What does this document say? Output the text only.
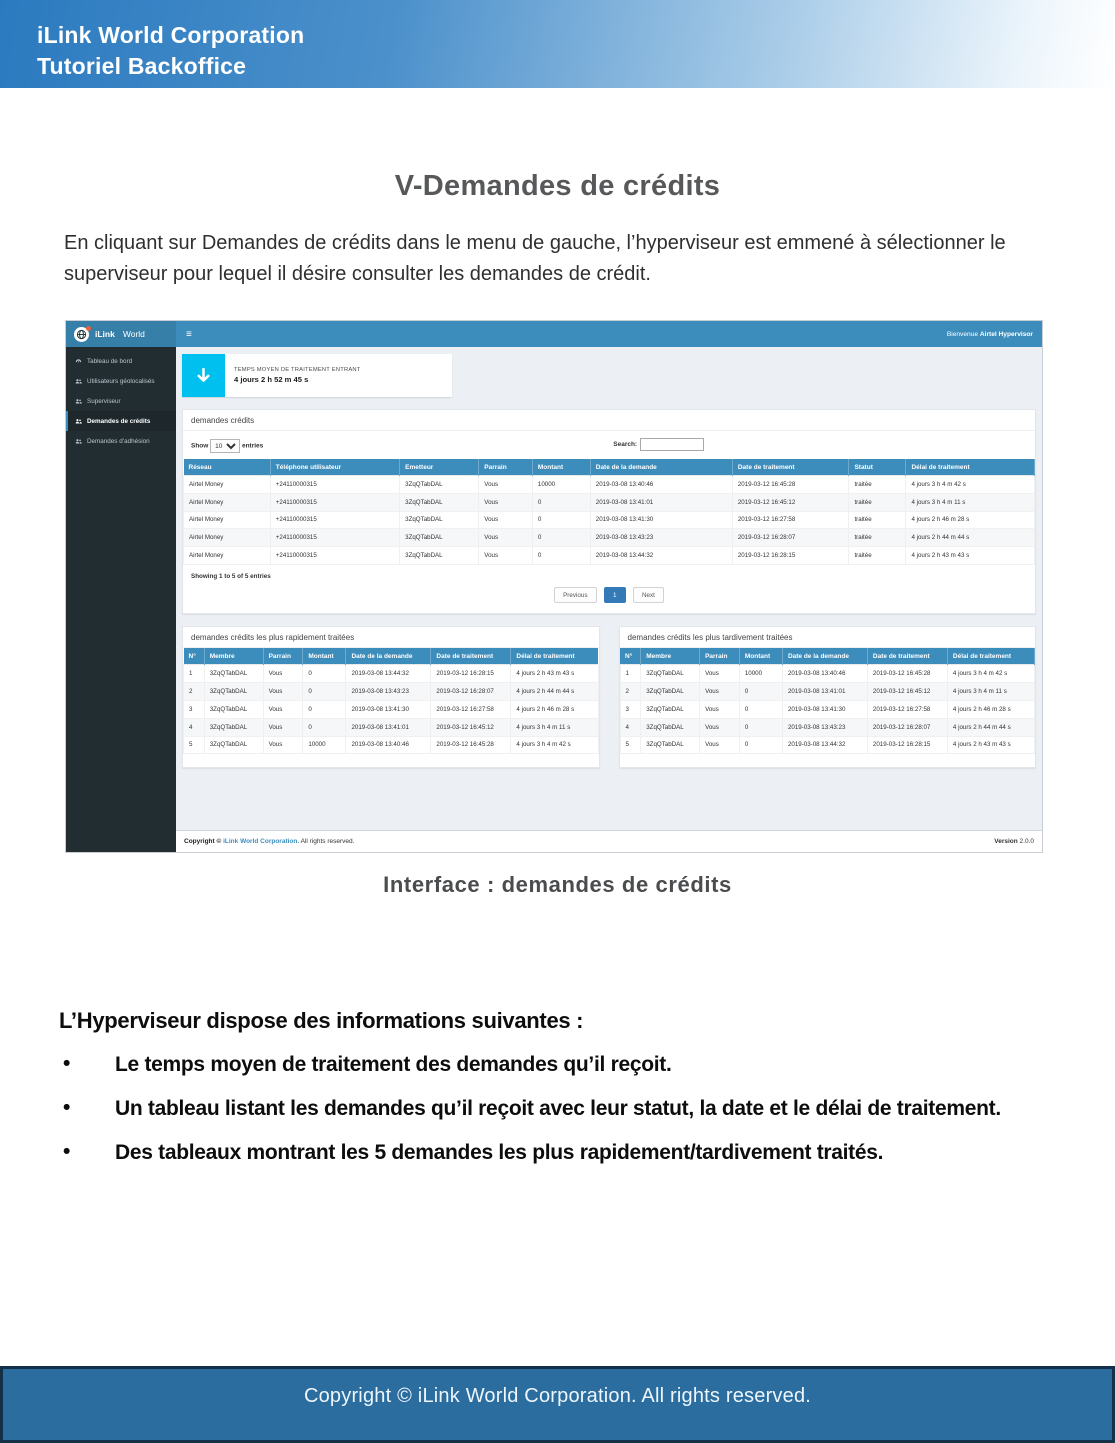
iLink World Corporation
Tutoriel Backoffice
V-Demandes de crédits

En cliquant sur Demandes de crédits dans le menu de gauche, l’hyperviseur est emmené à sélectionner le superviseur pour lequel il désire consulter les demandes de crédit.

iLink World	≡	Bienvenue Airtel Hypervisor
Tableau de bord
Utilisateurs géolocalisés
Superviseur
Demandes de crédits
Demandes d’adhésion
TEMPS MOYEN DE TRAITEMENT ENTRANT
4 jours 2 h 52 m 45 s
demandes crédits
Show
10	entries	Search:
Réseau	Téléphone utilisateur	Emetteur	Parrain	Montant	Date de la demande	Date de traitement	Statut	Délai de traitement
Airtel Money	+24110000315	3ZqQTabDAL	Vous	10000	2019-03-08 13:40:46	2019-03-12 16:45:28	traitée	4 jours 3 h 4 m 42 s
Airtel Money	+24110000315	3ZqQTabDAL	Vous	0	2019-03-08 13:41:01	2019-03-12 16:45:12	traitée	4 jours 3 h 4 m 11 s
Airtel Money	+24110000315	3ZqQTabDAL	Vous	0	2019-03-08 13:41:30	2019-03-12 16:27:58	traitée	4 jours 2 h 46 m 28 s
Airtel Money	+24110000315	3ZqQTabDAL	Vous	0	2019-03-08 13:43:23	2019-03-12 16:28:07	traitée	4 jours 2 h 44 m 44 s
Airtel Money	+24110000315	3ZqQTabDAL	Vous	0	2019-03-08 13:44:32	2019-03-12 16:28:15	traitée	4 jours 2 h 43 m 43 s
Showing 1 to 5 of 5 entries
Previous	1	Next
demandes crédits les plus rapidement traitées
N°	Membre	Parrain	Montant	Date de la demande	Date de traitement	Délai de traitement
1	3ZqQTabDAL	Vous	0	2019-03-08 13:44:32	2019-03-12 16:28:15	4 jours 2 h 43 m 43 s
2	3ZqQTabDAL	Vous	0	2019-03-08 13:43:23	2019-03-12 16:28:07	4 jours 2 h 44 m 44 s
3	3ZqQTabDAL	Vous	0	2019-03-08 13:41:30	2019-03-12 16:27:58	4 jours 2 h 46 m 28 s
4	3ZqQTabDAL	Vous	0	2019-03-08 13:41:01	2019-03-12 16:45:12	4 jours 3 h 4 m 11 s
5	3ZqQTabDAL	Vous	10000	2019-03-08 13:40:46	2019-03-12 16:45:28	4 jours 3 h 4 m 42 s
demandes crédits les plus tardivement traitées
N°	Membre	Parrain	Montant	Date de la demande	Date de traitement	Délai de traitement
1	3ZqQTabDAL	Vous	10000	2019-03-08 13:40:46	2019-03-12 16:45:28	4 jours 3 h 4 m 42 s
2	3ZqQTabDAL	Vous	0	2019-03-08 13:41:01	2019-03-12 16:45:12	4 jours 3 h 4 m 11 s
3	3ZqQTabDAL	Vous	0	2019-03-08 13:41:30	2019-03-12 16:27:58	4 jours 2 h 46 m 28 s
4	3ZqQTabDAL	Vous	0	2019-03-08 13:43:23	2019-03-12 16:28:07	4 jours 2 h 44 m 44 s
5	3ZqQTabDAL	Vous	0	2019-03-08 13:44:32	2019-03-12 16:28:15	4 jours 2 h 43 m 43 s
Copyright © iLink World Corporation. All rights reserved.	Version 2.0.0
Interface : demandes de crédits
L’Hyperviseur dispose des informations suivantes :
• Le temps moyen de traitement des demandes qu’il reçoit.
• Un tableau listant les demandes qu’il reçoit avec leur statut, la date et le délai de traitement.
• Des tableaux montrant les 5 demandes les plus rapidement/tardivement traités.
Copyright © iLink World Corporation. All rights reserved.
